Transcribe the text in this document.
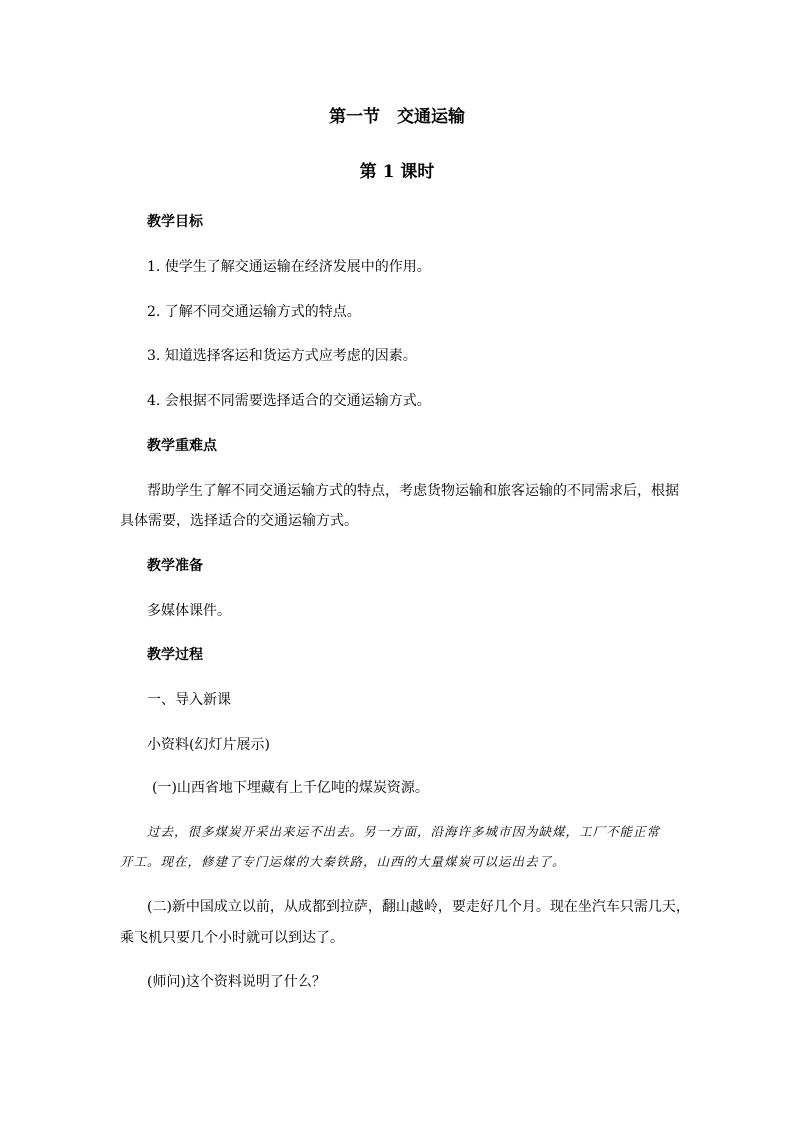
第一节　交通运输
第 1 课时
教学目标
1. 使学生了解交通运输在经济发展中的作用。
2. 了解不同交通运输方式的特点。
3. 知道选择客运和货运方式应考虑的因素。
4. 会根据不同需要选择适合的交通运输方式。
教学重难点
帮助学生了解不同交通运输方式的特点，考虑货物运输和旅客运输的不同需求后，根据
具体需要，选择适合的交通运输方式。
教学准备
多媒体课件。
教学过程
一、导入新课
小资料(幻灯片展示)
(一)山西省地下埋藏有上千亿吨的煤炭资源。
过去，很多煤炭开采出来运不出去。另一方面，沿海许多城市因为缺煤，工厂不能正常
开工。现在，修建了专门运煤的大秦铁路，山西的大量煤炭可以运出去了。
(二)新中国成立以前，从成都到拉萨，翻山越岭，要走好几个月。现在坐汽车只需几天，
乘飞机只要几个小时就可以到达了。
(师问)这个资料说明了什么？
